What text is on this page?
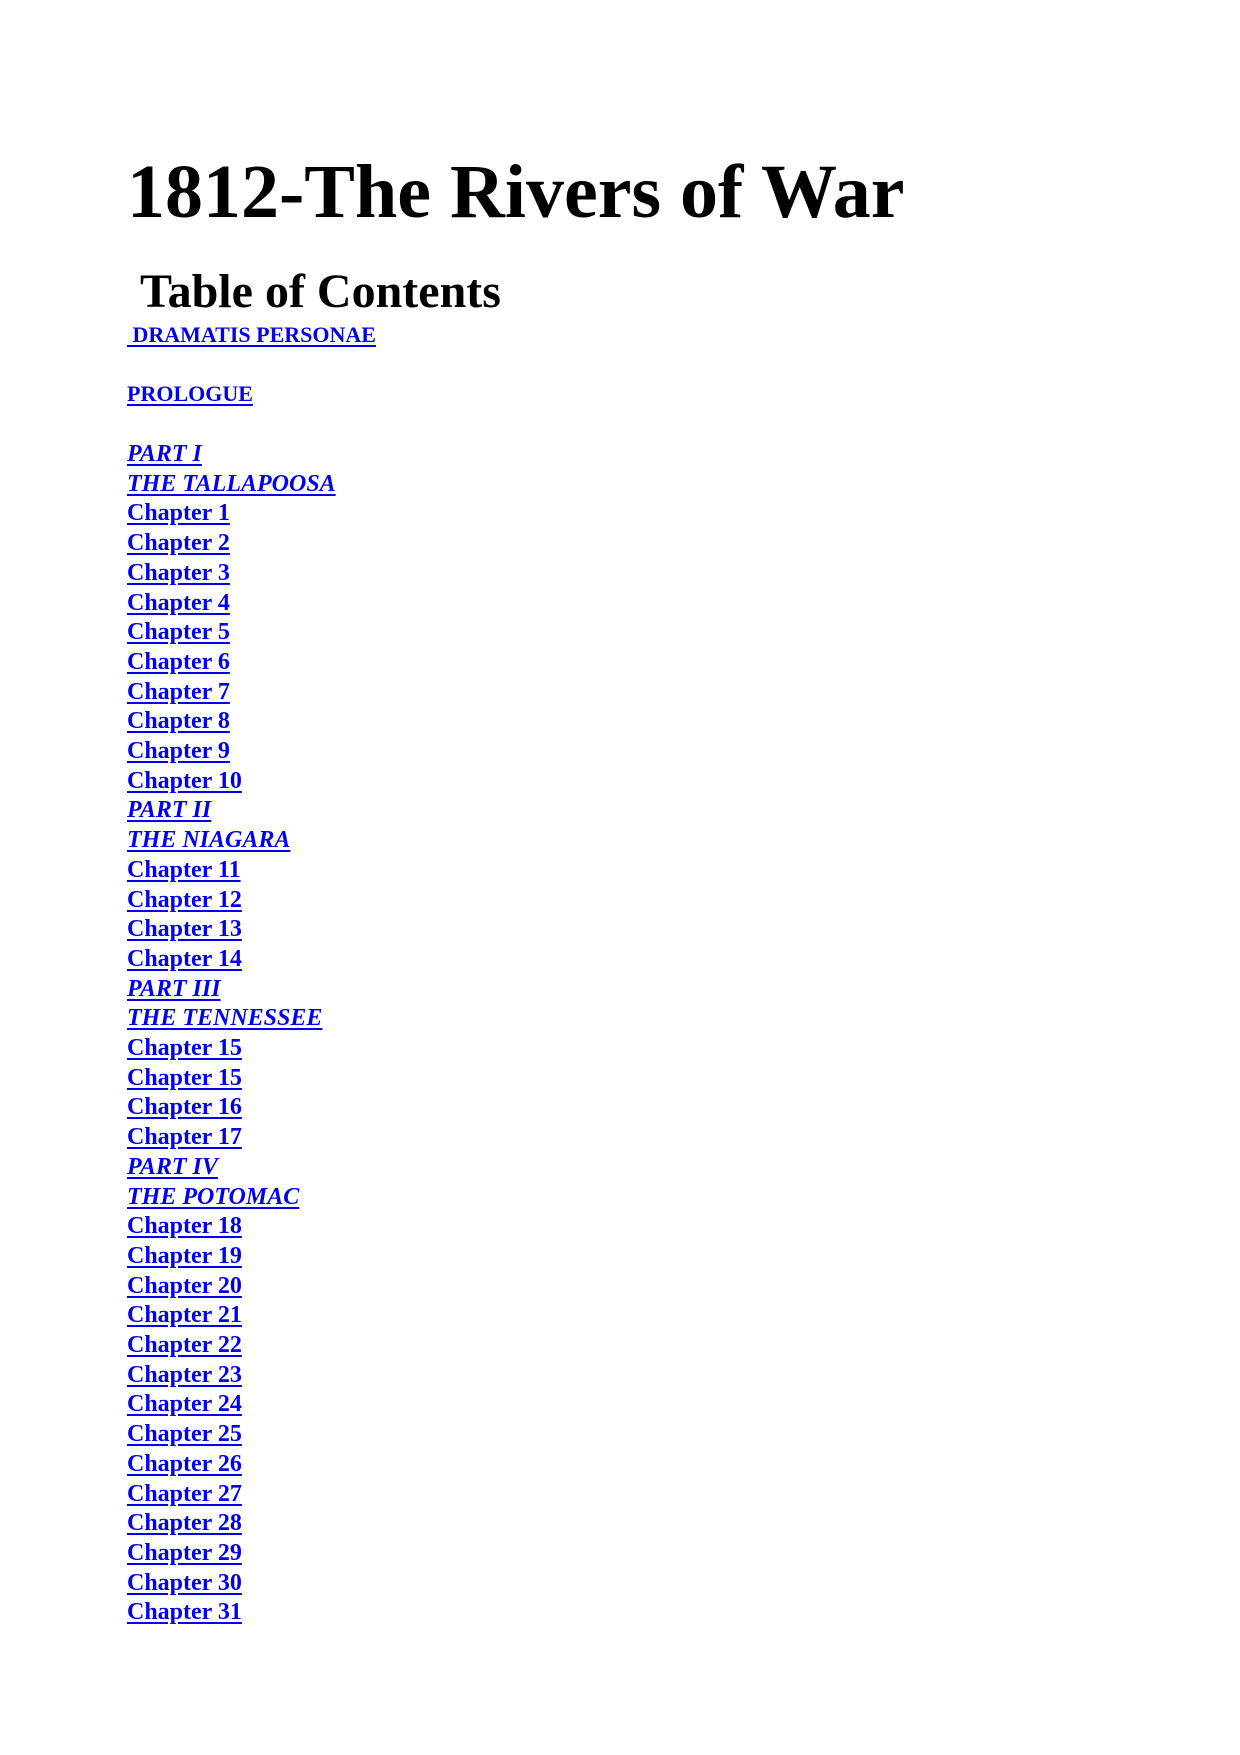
1812-The Rivers of War
Table of Contents
DRAMATIS PERSONAE
PROLOGUE
PART I
THE TALLAPOOSA
Chapter 1
Chapter 2
Chapter 3
Chapter 4
Chapter 5
Chapter 6
Chapter 7
Chapter 8
Chapter 9
Chapter 10
PART II
THE NIAGARA
Chapter 11
Chapter 12
Chapter 13
Chapter 14
PART III
THE TENNESSEE
Chapter 15
Chapter 15
Chapter 16
Chapter 17
PART IV
THE POTOMAC
Chapter 18
Chapter 19
Chapter 20
Chapter 21
Chapter 22
Chapter 23
Chapter 24
Chapter 25
Chapter 26
Chapter 27
Chapter 28
Chapter 29
Chapter 30
Chapter 31
